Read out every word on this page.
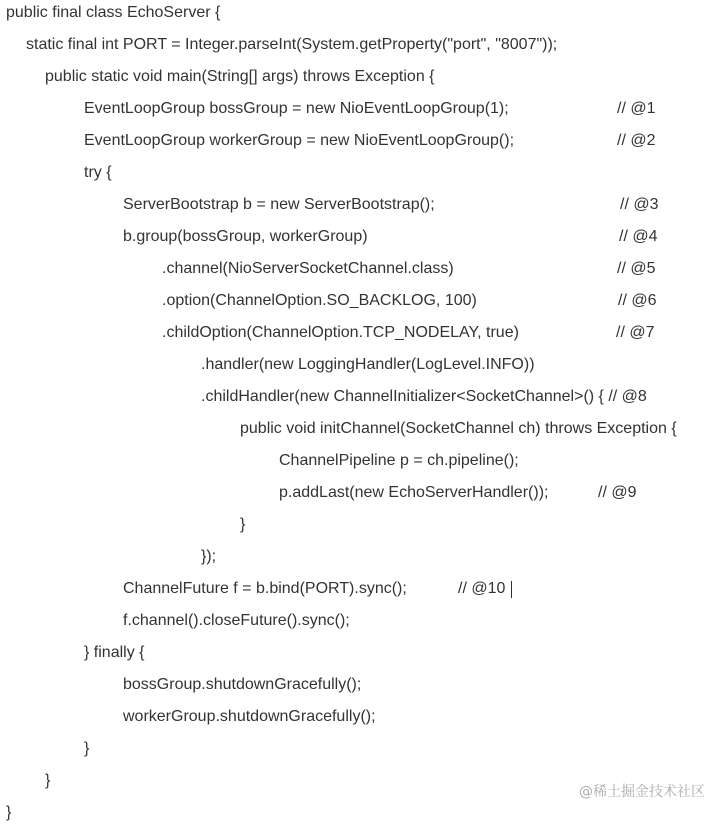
public final class EchoServer {
static final int PORT = Integer.parseInt(System.getProperty("port", "8007"));
public static void main(String[] args) throws Exception {
EventLoopGroup bossGroup = new NioEventLoopGroup(1);	// @1
EventLoopGroup workerGroup = new NioEventLoopGroup();	// @2
try {
ServerBootstrap b = new ServerBootstrap();	// @3
b.group(bossGroup, workerGroup)	// @4
.channel(NioServerSocketChannel.class)	// @5
.option(ChannelOption.SO_BACKLOG, 100)	// @6
.childOption(ChannelOption.TCP_NODELAY, true)	// @7
.handler(new LoggingHandler(LogLevel.INFO))
.childHandler(new ChannelInitializer<SocketChannel>() { // @8
public void initChannel(SocketChannel ch) throws Exception {
ChannelPipeline p = ch.pipeline();
p.addLast(new EchoServerHandler());	// @9
}
});
ChannelFuture f = b.bind(PORT).sync();	// @10
f.channel().closeFuture().sync();
} finally {
bossGroup.shutdownGracefully();
workerGroup.shutdownGracefully();
}
}
}
@稀土掘金技术社区
